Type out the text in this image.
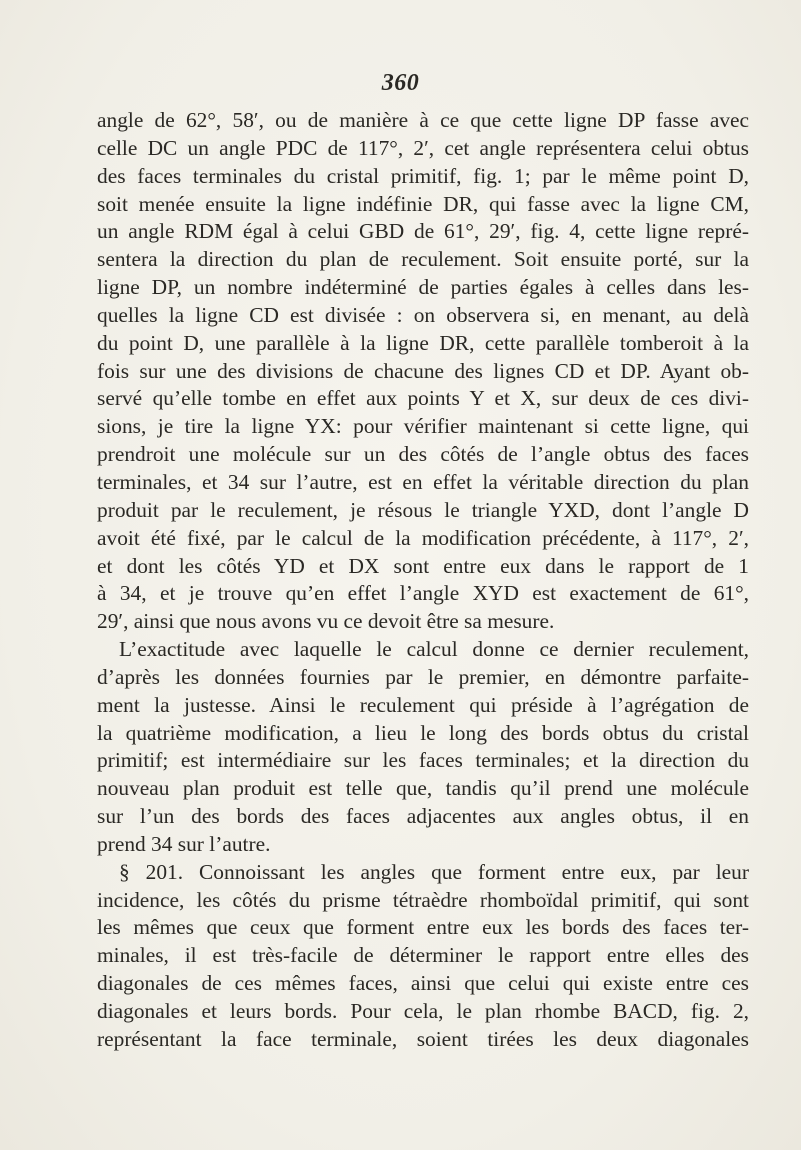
360
angle de 62°, 58′, ou de manière à ce que cette ligne DP fasse avec
celle DC un angle PDC de 117°, 2′, cet angle représentera celui obtus
des faces terminales du cristal primitif, fig. 1; par le même point D,
soit menée ensuite la ligne indéfinie DR, qui fasse avec la ligne CM,
un angle RDM égal à celui GBD de 61°, 29′, fig. 4, cette ligne repré-
sentera la direction du plan de reculement. Soit ensuite porté, sur la
ligne DP, un nombre indéterminé de parties égales à celles dans les-
quelles la ligne CD est divisée : on observera si, en menant, au delà
du point D, une parallèle à la ligne DR, cette parallèle tomberoit à la
fois sur une des divisions de chacune des lignes CD et DP. Ayant ob-
servé qu’elle tombe en effet aux points Y et X, sur deux de ces divi-
sions, je tire la ligne YX: pour vérifier maintenant si cette ligne, qui
prendroit une molécule sur un des côtés de l’angle obtus des faces
terminales, et 34 sur l’autre, est en effet la véritable direction du plan
produit par le reculement, je résous le triangle YXD, dont l’angle D
avoit été fixé, par le calcul de la modification précédente, à 117°, 2′,
et dont les côtés YD et DX sont entre eux dans le rapport de 1
à 34, et je trouve qu’en effet l’angle XYD est exactement de 61°,
29′, ainsi que nous avons vu ce devoit être sa mesure.
L’exactitude avec laquelle le calcul donne ce dernier reculement,
d’après les données fournies par le premier, en démontre parfaite-
ment la justesse. Ainsi le reculement qui préside à l’agrégation de
la quatrième modification, a lieu le long des bords obtus du cristal
primitif; est intermédiaire sur les faces terminales; et la direction du
nouveau plan produit est telle que, tandis qu’il prend une molécule
sur l’un des bords des faces adjacentes aux angles obtus, il en
prend 34 sur l’autre.
§ 201. Connoissant les angles que forment entre eux, par leur
incidence, les côtés du prisme tétraèdre rhomboïdal primitif, qui sont
les mêmes que ceux que forment entre eux les bords des faces ter-
minales, il est très-facile de déterminer le rapport entre elles des
diagonales de ces mêmes faces, ainsi que celui qui existe entre ces
diagonales et leurs bords. Pour cela, le plan rhombe BACD, fig. 2,
représentant la face terminale, soient tirées les deux diagonales
